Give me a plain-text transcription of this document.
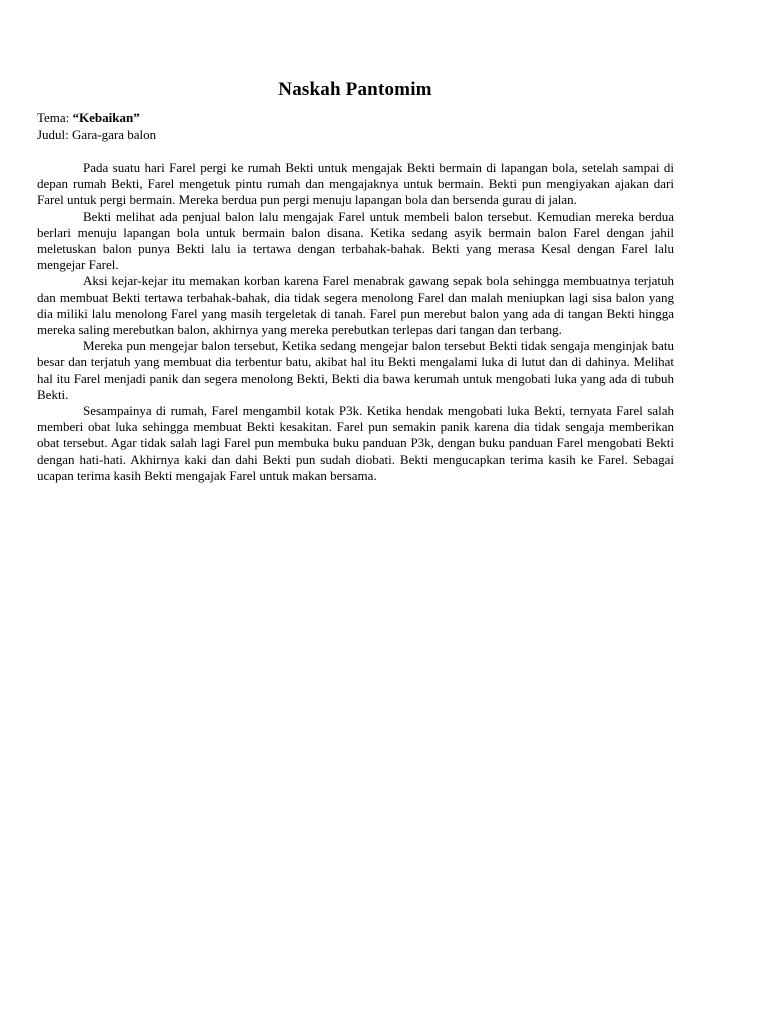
Naskah Pantomim
Tema: “Kebaikan”
Judul: Gara-gara balon

Pada suatu hari Farel pergi ke rumah Bekti untuk mengajak Bekti bermain di lapangan bola, setelah sampai di depan rumah Bekti, Farel mengetuk pintu rumah dan mengajaknya untuk bermain. Bekti pun mengiyakan ajakan dari Farel untuk pergi bermain. Mereka berdua pun pergi menuju lapangan bola dan bersenda gurau di jalan.

Bekti melihat ada penjual balon lalu mengajak Farel untuk membeli balon tersebut. Kemudian mereka berdua berlari menuju lapangan bola untuk bermain balon disana. Ketika sedang asyik bermain balon Farel dengan jahil meletuskan balon punya Bekti lalu ia tertawa dengan terbahak-bahak. Bekti yang merasa Kesal dengan Farel lalu mengejar Farel.

Aksi kejar-kejar itu memakan korban karena Farel menabrak gawang sepak bola sehingga membuatnya terjatuh dan membuat Bekti tertawa terbahak-bahak, dia tidak segera menolong Farel dan malah meniupkan lagi sisa balon yang dia miliki lalu menolong Farel yang masih tergeletak di tanah. Farel pun merebut balon yang ada di tangan Bekti hingga mereka saling merebutkan balon, akhirnya yang mereka perebutkan terlepas dari tangan dan terbang.

Mereka pun mengejar balon tersebut, Ketika sedang mengejar balon tersebut Bekti tidak sengaja menginjak batu besar dan terjatuh yang membuat dia terbentur batu, akibat hal itu Bekti mengalami luka di lutut dan di dahinya. Melihat hal itu Farel menjadi panik dan segera menolong Bekti, Bekti dia bawa kerumah untuk mengobati luka yang ada di tubuh Bekti.

Sesampainya di rumah, Farel mengambil kotak P3k. Ketika hendak mengobati luka Bekti, ternyata Farel salah memberi obat luka sehingga membuat Bekti kesakitan. Farel pun semakin panik karena dia tidak sengaja memberikan obat tersebut. Agar tidak salah lagi Farel pun membuka buku panduan P3k, dengan buku panduan Farel mengobati Bekti dengan hati-hati. Akhirnya kaki dan dahi Bekti pun sudah diobati. Bekti mengucapkan terima kasih ke Farel. Sebagai ucapan terima kasih Bekti mengajak Farel untuk makan bersama.
